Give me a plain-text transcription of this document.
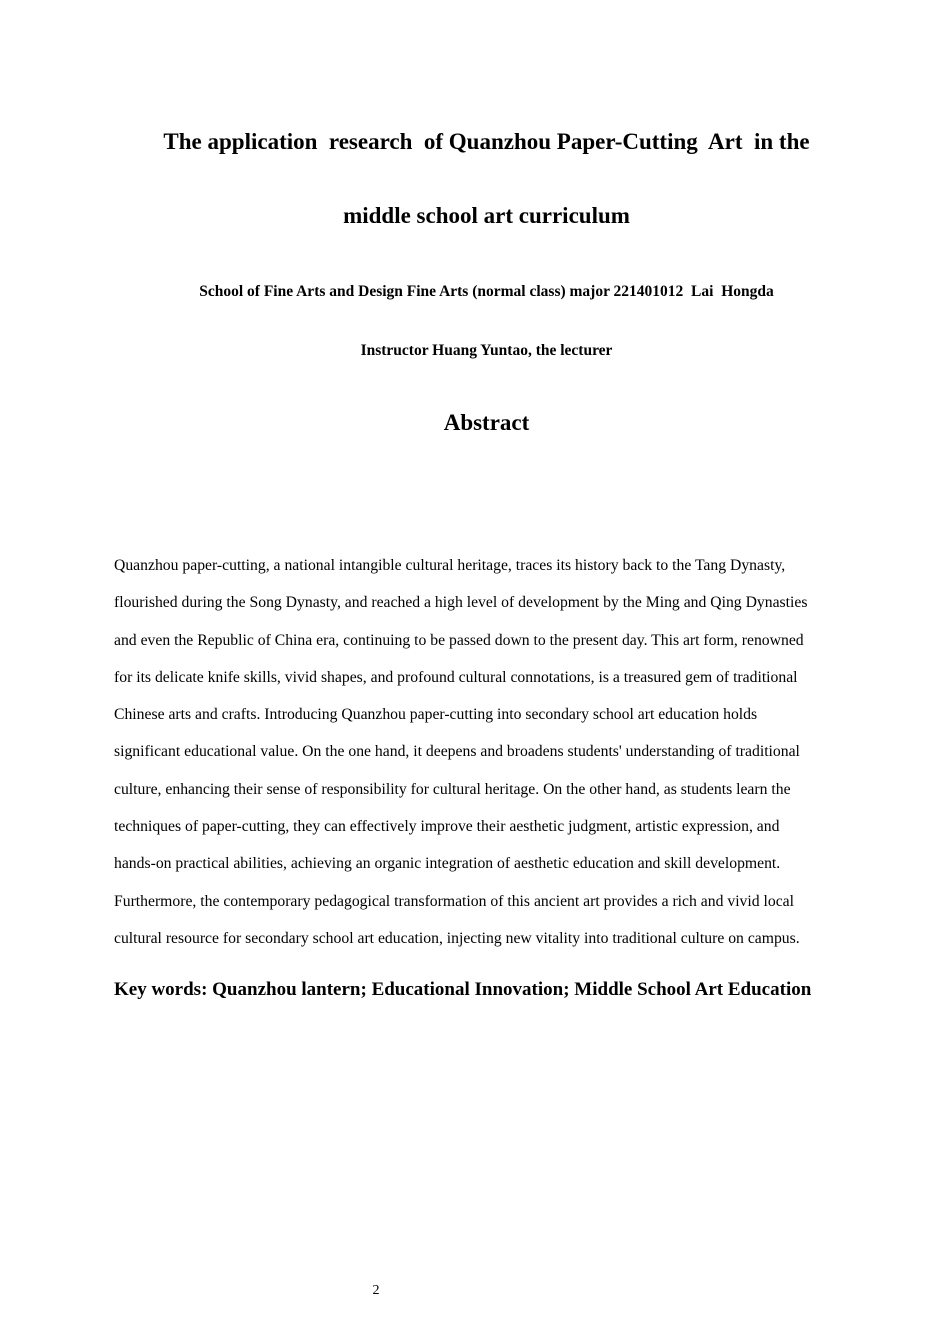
The application  research  of Quanzhou Paper-Cutting  Art  in the
middle school art curriculum
School of Fine Arts and Design Fine Arts (normal class) major 221401012  Lai  Hongda
Instructor Huang Yuntao, the lecturer
Abstract
Quanzhou paper-cutting, a national intangible cultural heritage, traces its history back to the Tang Dynasty,
flourished during the Song Dynasty, and reached a high level of development by the Ming and Qing Dynasties
and even the Republic of China era, continuing to be passed down to the present day. This art form, renowned
for its delicate knife skills, vivid shapes, and profound cultural connotations, is a treasured gem of traditional
Chinese arts and crafts. Introducing Quanzhou paper-cutting into secondary school art education holds
significant educational value. On the one hand, it deepens and broadens students' understanding of traditional
culture, enhancing their sense of responsibility for cultural heritage. On the other hand, as students learn the
techniques of paper-cutting, they can effectively improve their aesthetic judgment, artistic expression, and
hands-on practical abilities, achieving an organic integration of aesthetic education and skill development.
Furthermore, the contemporary pedagogical transformation of this ancient art provides a rich and vivid local
cultural resource for secondary school art education, injecting new vitality into traditional culture on campus.
Key words: Quanzhou lantern; Educational Innovation; Middle School Art Education
2
